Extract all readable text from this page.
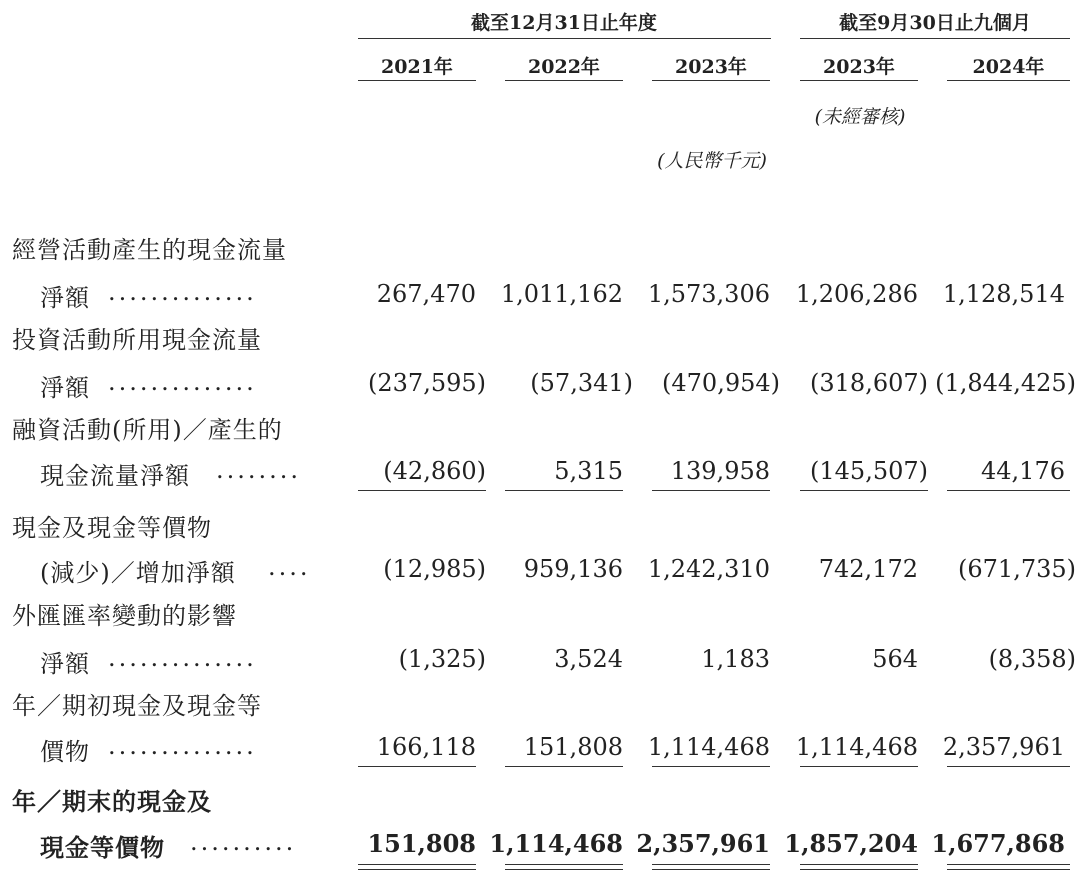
截至12月31日止年度	截至9月30日止九個月
2021年	2022年	2023年	2023年	2024年
(未經審核)
(人民幣千元)
經營活動產生的現金流量
淨額 ..............	267,470	1,011,162	1,573,306	1,206,286	1,128,514
投資活動所用現金流量
淨額 ..............	(237,595)	(57,341)	(470,954)	(318,607) (1,844,425)
融資活動(所用)／產生的
現金流量淨額 ........	(42,860)	5,315	139,958	(145,507)	44,176
現金及現金等價物
(減少)／增加淨額 ....	(12,985)	959,136	1,242,310	742,172	(671,735)
外匯匯率變動的影響
淨額 ..............	(1,325)	3,524	1,183	564	(8,358)
年／期初現金及現金等
價物 ..............	166,118	151,808	1,114,468	1,114,468	2,357,961
年／期末的現金及
現金等價物 ..........	151,808 1,114,468 2,357,961 1,857,204 1,677,868
